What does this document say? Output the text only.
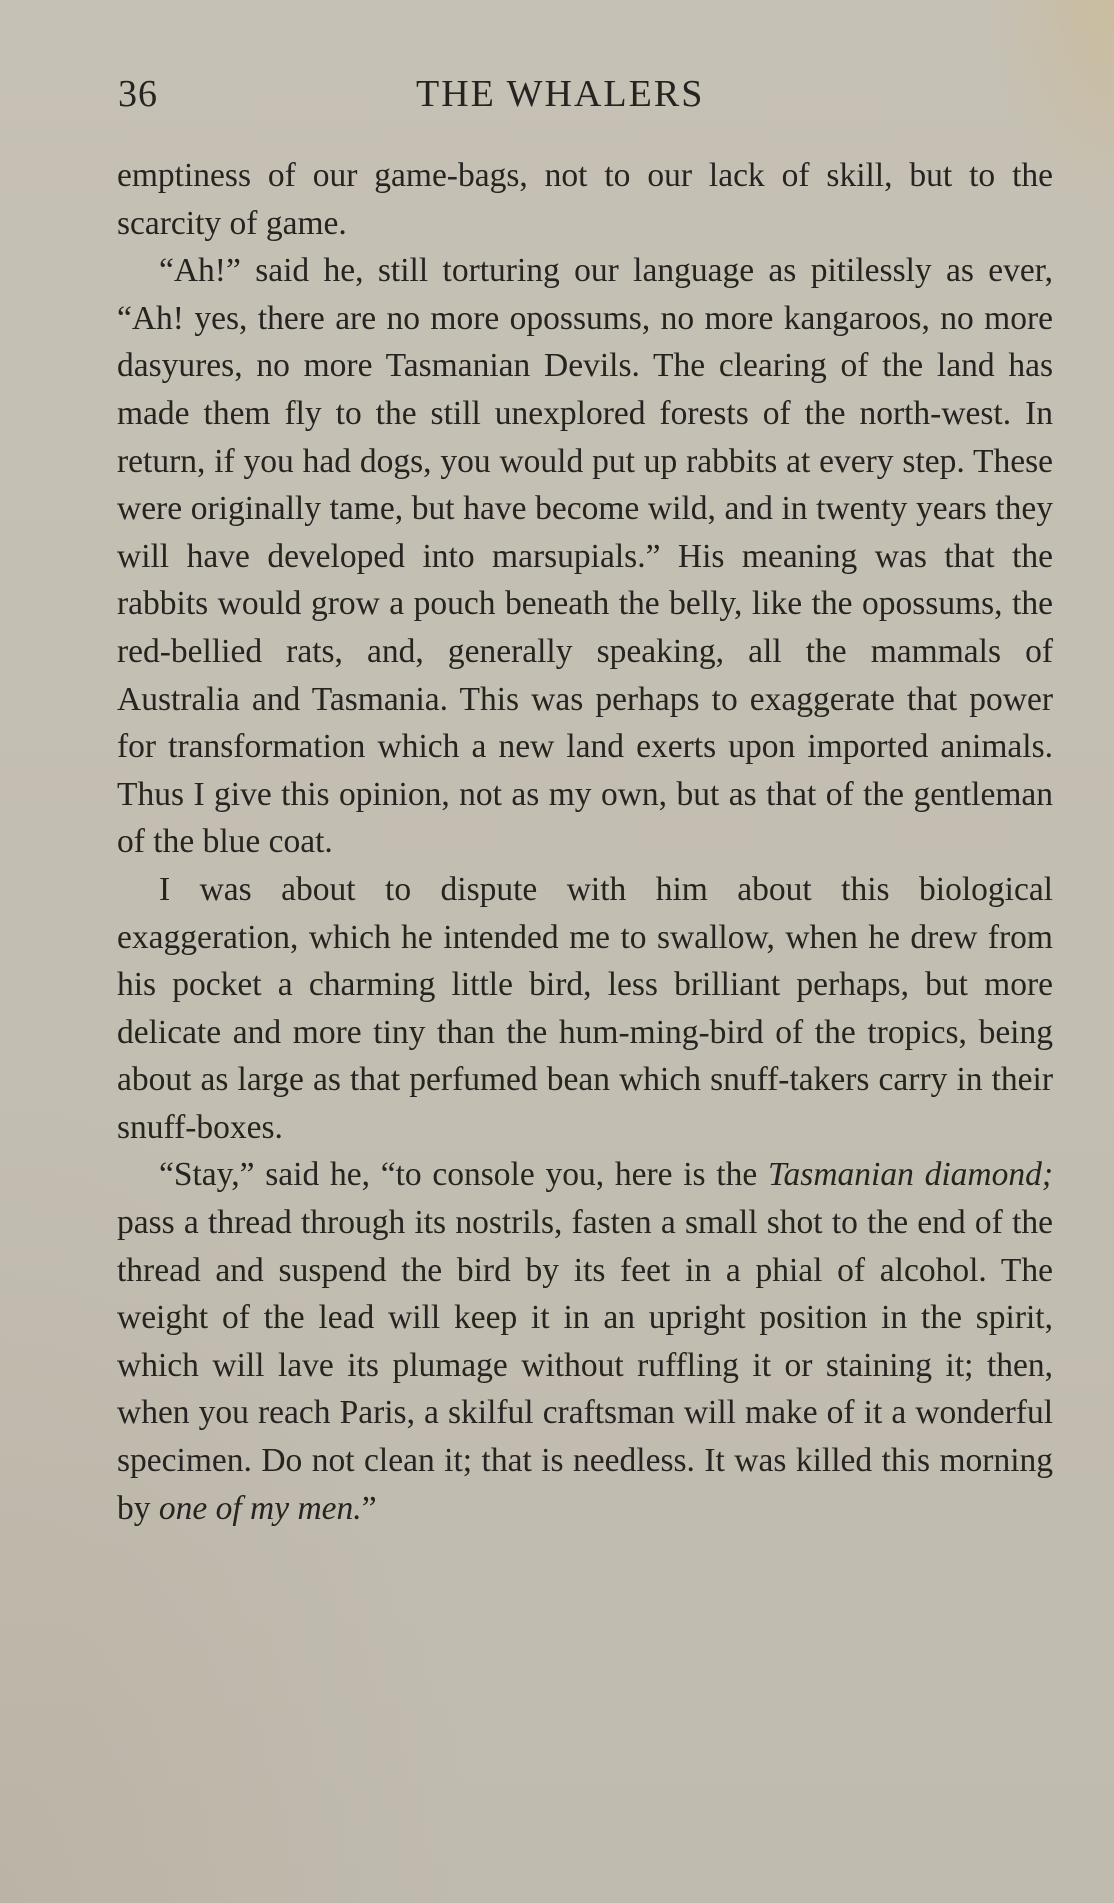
36	THE WHALERS

emptiness of our game-bags, not to our lack of skill, but to the scarcity of game.

“Ah!” said he, still torturing our language as pitilessly as ever, “Ah! yes, there are no more opossums, no more kangaroos, no more dasyures, no more Tasmanian Devils. The clearing of the land has made them fly to the still unexplored forests of the north-west. In return, if you had dogs, you would put up rabbits at every step. These were originally tame, but have become wild, and in twenty years they will have developed into marsupials.” His meaning was that the rabbits would grow a pouch beneath the belly, like the opossums, the red-bellied rats, and, generally speaking, all the mammals of Australia and Tasmania. This was perhaps to exaggerate that power for transformation which a new land exerts upon imported animals. Thus I give this opinion, not as my own, but as that of the gentleman of the blue coat.

I was about to dispute with him about this biological exaggeration, which he intended me to swallow, when he drew from his pocket a charming little bird, less brilliant perhaps, but more delicate and more tiny than the hum-ming-bird of the tropics, being about as large as that perfumed bean which snuff-takers carry in their snuff-boxes.

“Stay,” said he, “to console you, here is the Tasmanian diamond; pass a thread through its nostrils, fasten a small shot to the end of the thread and suspend the bird by its feet in a phial of alcohol. The weight of the lead will keep it in an upright position in the spirit, which will lave its plumage without ruffling it or staining it; then, when you reach Paris, a skilful craftsman will make of it a wonderful specimen. Do not clean it; that is needless. It was killed this morning by one of my men.”
